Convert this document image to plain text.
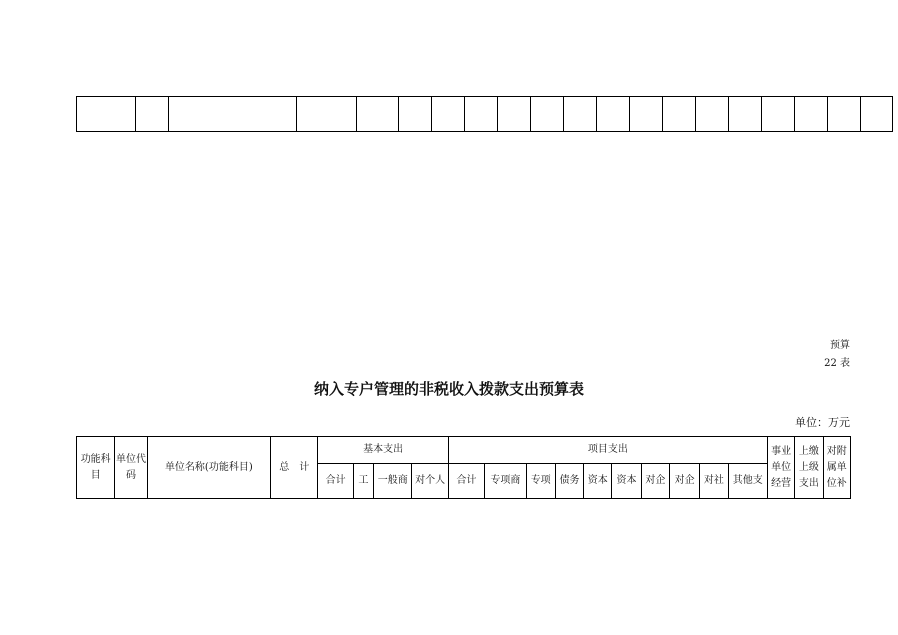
预算
22 表
纳入专户管理的非税收入拨款支出预算表
单位：万元
功能科目	单位代码	单位名称(功能科目)	总　计	基本支出				项目支出										事业单位经营	上缴上级支出	对附属单位补
				合计	工	一般商	对个人	合计	专项商	专项	债务	资本	资本	对企	对企	对社	其他支			
